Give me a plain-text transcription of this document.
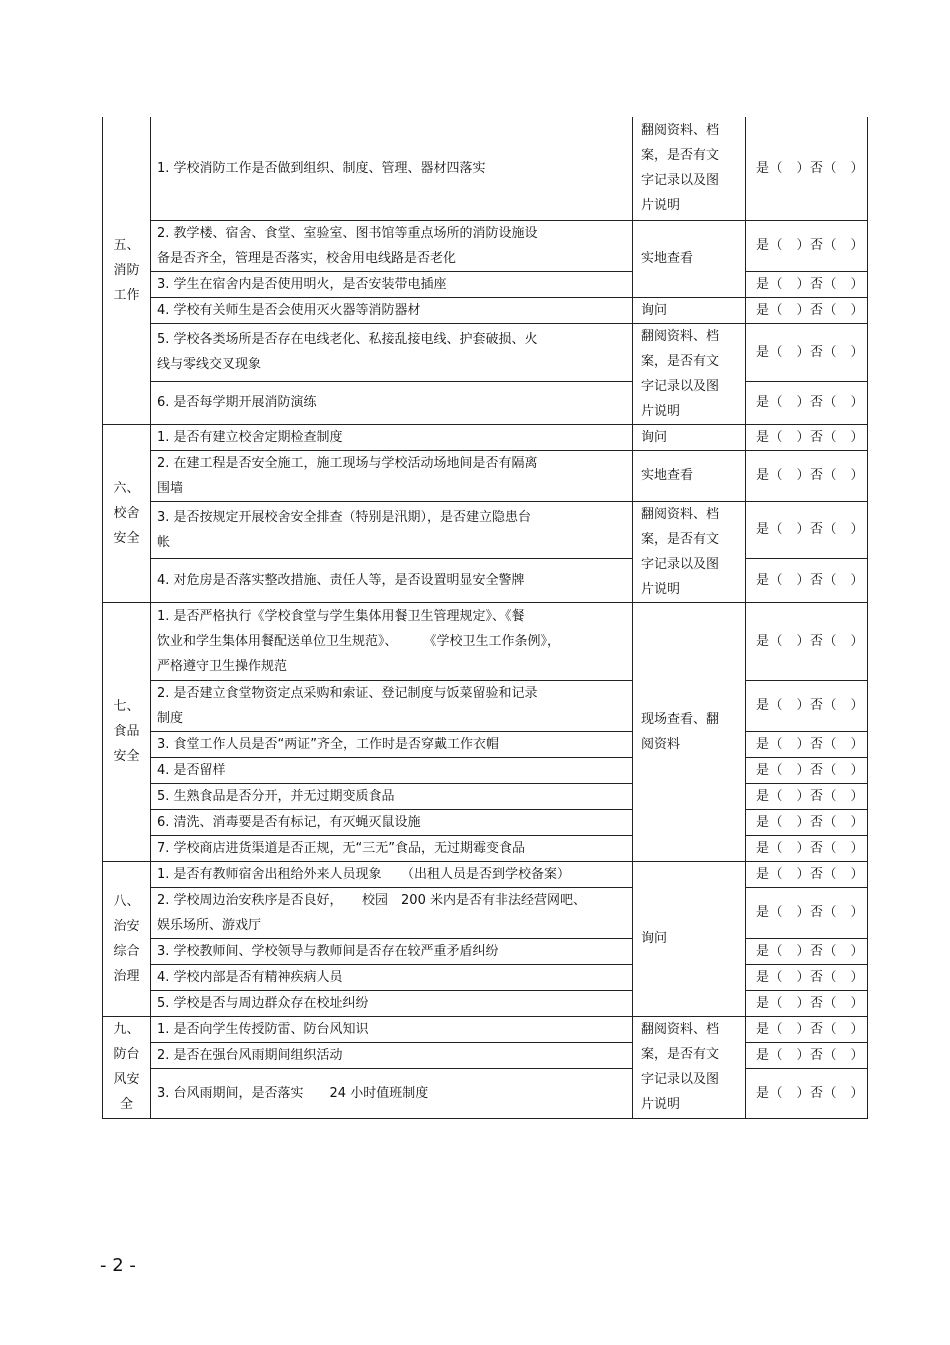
五、
消防
工作	1. 学校消防工作是否做到组织、制度、管理、器材四落实	翻阅资料、档
案，是否有文
字记录以及图
片说明	是（　）否（　）

	2. 教学楼、宿舍、食堂、室验室、图书馆等重点场所的消防设施设
备是否齐全，管理是否落实，校舍用电线路是否老化	实地查看	是（　）否（　）
	3. 学生在宿舍内是否使用明火，是否安装带电插座		是（　）否（　）
	4. 学校有关师生是否会使用灭火器等消防器材	询问	是（　）否（　）

	5. 学校各类场所是否存在电线老化、私接乱接电线、护套破损、火
线与零线交叉现象	翻阅资料、档
案，是否有文
字记录以及图
片说明	是（　）否（　）
	6. 是否每学期开展消防演练		是（　）否（　）

六、
校舍
安全	1. 是否有建立校舍定期检查制度	询问	是（　）否（　）

	2. 在建工程是否安全施工，施工现场与学校活动场地间是否有隔离
围墙	实地查看	是（　）否（　）

	3. 是否按规定开展校舍安全排查（特别是汛期），是否建立隐患台
帐	翻阅资料、档
案，是否有文
字记录以及图
片说明	是（　）否（　）
	4. 对危房是否落实整改措施、责任人等，是否设置明显安全警牌		是（　）否（　）

七、
食品
安全	1. 是否严格执行《学校食堂与学生集体用餐卫生管理规定》、《餐
饮业和学生集体用餐配送单位卫生规范》、　　　《学校卫生工作条例》，
严格遵守卫生操作规范	现场查看、翻
阅资料	是（　）否（　）

	2. 是否建立食堂物资定点采购和索证、登记制度与饭菜留验和记录
制度		是（　）否（　）
	3. 食堂工作人员是否“两证”齐全，工作时是否穿戴工作衣帽		是（　）否（　）
	4. 是否留样		是（　）否（　）
	5. 生熟食品是否分开，并无过期变质食品		是（　）否（　）
	6. 清洗、消毒要是否有标记，有灭蝇灭鼠设施		是（　）否（　）
	7. 学校商店进货渠道是否正规，无“三无”食品，无过期霉变食品		是（　）否（　）

八、
治安
综合
治理	1. 是否有教师宿舍出租给外来人员现象　　（出租人员是否到学校备案）	询问	是（　）否（　）

	2. 学校周边治安秩序是否良好，　　校园　200 米内是否有非法经营网吧、
娱乐场所、游戏厅		是（　）否（　）
	3. 学校教师间、学校领导与教师间是否存在较严重矛盾纠纷		是（　）否（　）
	4. 学校内部是否有精神疾病人员		是（　）否（　）
	5. 学校是否与周边群众存在校址纠纷		是（　）否（　）

九、
防台
风安
全	1. 是否向学生传授防雷、防台风知识	翻阅资料、档
案，是否有文
字记录以及图
片说明	是（　）否（　）
	2. 是否在强台风雨期间组织活动		是（　）否（　）
	3. 台风雨期间，是否落实　　24 小时值班制度		是（　）否（　）
- 2 -
